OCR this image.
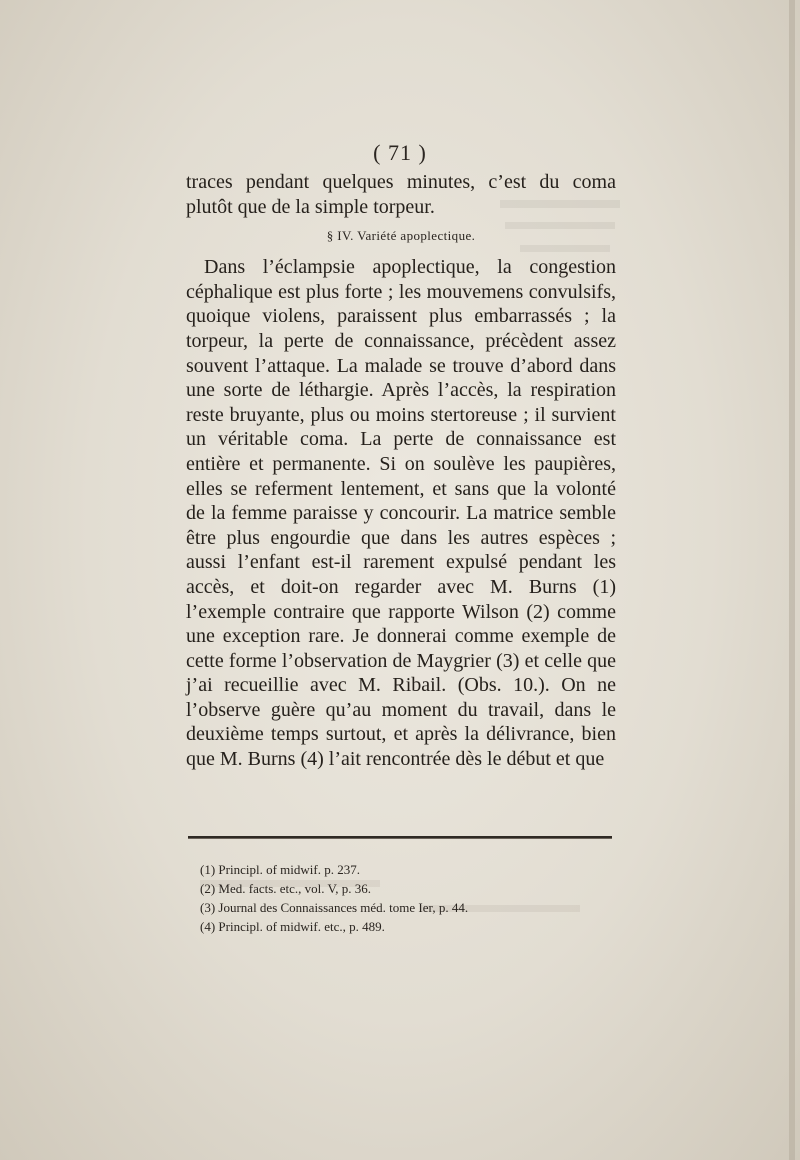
( 71 )

traces pendant quelques minutes, c’est du coma plutôt que de la simple torpeur.

§ IV. Variété apoplectique.

Dans l’éclampsie apoplectique, la congestion céphalique est plus forte ; les mouvemens convulsifs, quoique violens, paraissent plus embarrassés ; la torpeur, la perte de connaissance, précèdent assez souvent l’attaque. La malade se trouve d’abord dans une sorte de léthargie. Après l’accès, la respiration reste bruyante, plus ou moins stertoreuse ; il survient un véritable coma. La perte de connaissance est entière et permanente. Si on soulève les paupières, elles se referment lentement, et sans que la volonté de la femme paraisse y concourir. La matrice semble être plus engourdie que dans les autres espèces ; aussi l’enfant est-il rarement expulsé pendant les accès, et doit-on regarder avec M. Burns (1) l’exemple contraire que rapporte Wilson (2) comme une exception rare. Je donnerai comme exemple de cette forme l’observation de Maygrier (3) et celle que j’ai recueillie avec M. Ribail. (Obs. 10.). On ne l’observe guère qu’au moment du travail, dans le deuxième temps surtout, et après la délivrance, bien que M. Burns (4) l’ait rencontrée dès le début et que

(1) Principl. of midwif. p. 237.
(2) Med. facts. etc., vol. V, p. 36.
(3) Journal des Connaissances méd. tome Ier, p. 44.
(4) Principl. of midwif. etc., p. 489.
